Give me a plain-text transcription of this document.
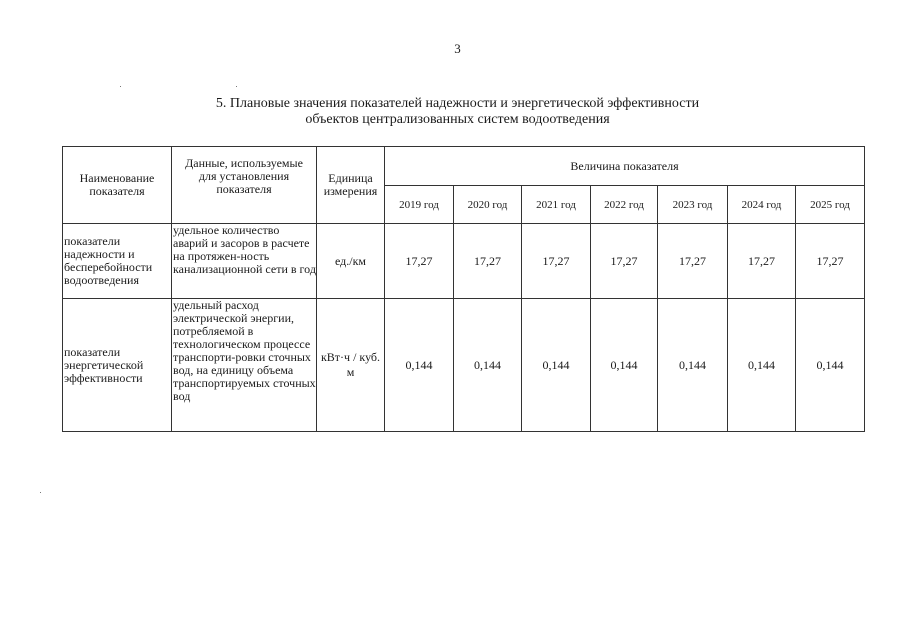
3
5. Плановые значения показателей надежности и энергетической эффективности
объектов централизованных систем водоотведения
Наименование показателя	Данные, используемые для установления показателя	Единица измерения	Величина показателя						
			2019 год	2020 год	2021 год	2022 год	2023 год	2024 год	2025 год
показатели надежности и бесперебойности водоотведения	удельное количество аварий и засоров в расчете на протяжен-ность канализационной сети в год	ед./км	17,27	17,27	17,27	17,27	17,27	17,27	17,27
показатели энергетической эффективности	удельный расход электрической энергии, потребляемой в технологическом процессе транспорти-ровки сточных вод, на единицу объема транспортируемых сточных вод	кВт·ч / куб. м	0,144	0,144	0,144	0,144	0,144	0,144	0,144
